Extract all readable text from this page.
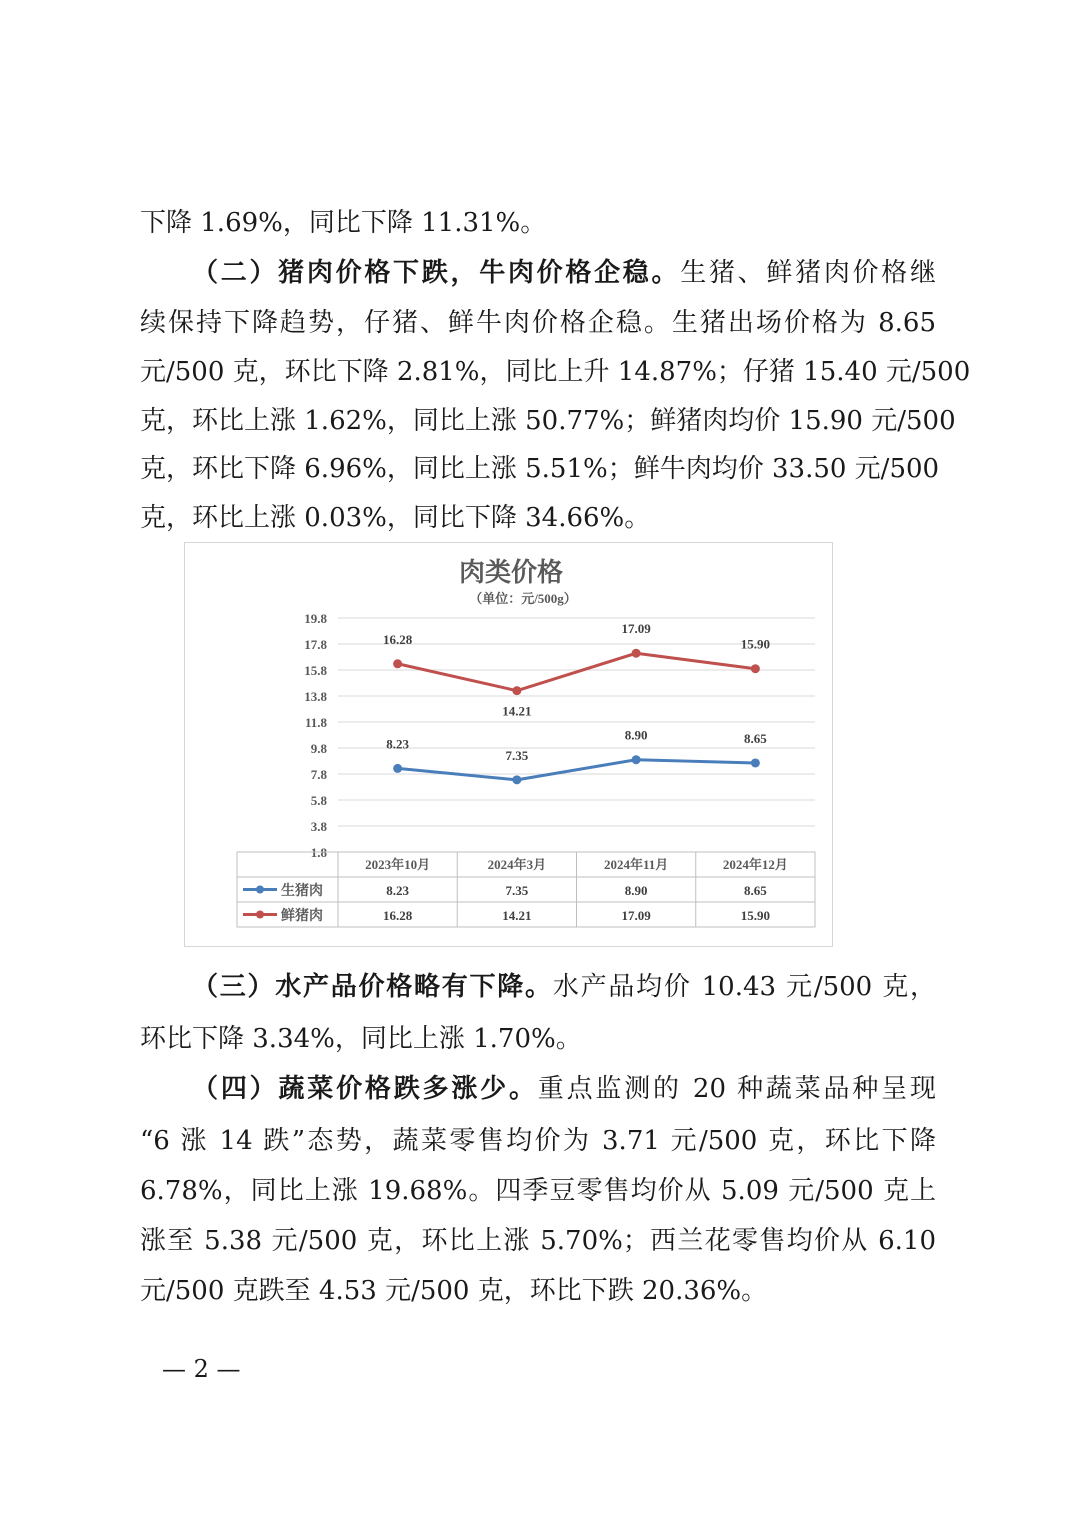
下降 1.69%，同比下降 11.31%。
（二）猪肉价格下跌，牛肉价格企稳。生猪、鲜猪肉价格继
续保持下降趋势，仔猪、鲜牛肉价格企稳。生猪出场价格为 8.65
元/500 克，环比下降 2.81%，同比上升 14.87%；仔猪 15.40 元/500
克，环比上涨 1.62%，同比上涨 50.77%；鲜猪肉均价 15.90 元/500
克，环比下降 6.96%，同比上涨 5.51%；鲜牛肉均价 33.50 元/500
克，环比上涨 0.03%，同比下降 34.66%。
（三）水产品价格略有下降。水产品均价 10.43 元/500 克，
环比下降 3.34%，同比上涨 1.70%。
（四）蔬菜价格跌多涨少。重点监测的 20 种蔬菜品种呈现
“6 涨 14 跌”态势，蔬菜零售均价为 3.71 元/500 克，环比下降
6.78%，同比上涨 19.68%。四季豆零售均价从 5.09 元/500 克上
涨至 5.38 元/500 克，环比上涨 5.70%；西兰花零售均价从 6.10
元/500 克跌至 4.53 元/500 克，环比下跌 20.36%。
肉类价格
（单位：元/500g）
19.8
17.8
15.8
13.8
11.8
9.8
7.8
5.8
3.8
1.8
8.23
7.35
8.90	8.65
16.28
14.21
17.09
15.90
2023年10月	2024年3月	2024年11月	2024年12月
生猪肉	8.23	7.35	8.90	8.65
鲜猪肉	16.28	14.21	17.09	15.90
— 2 —
